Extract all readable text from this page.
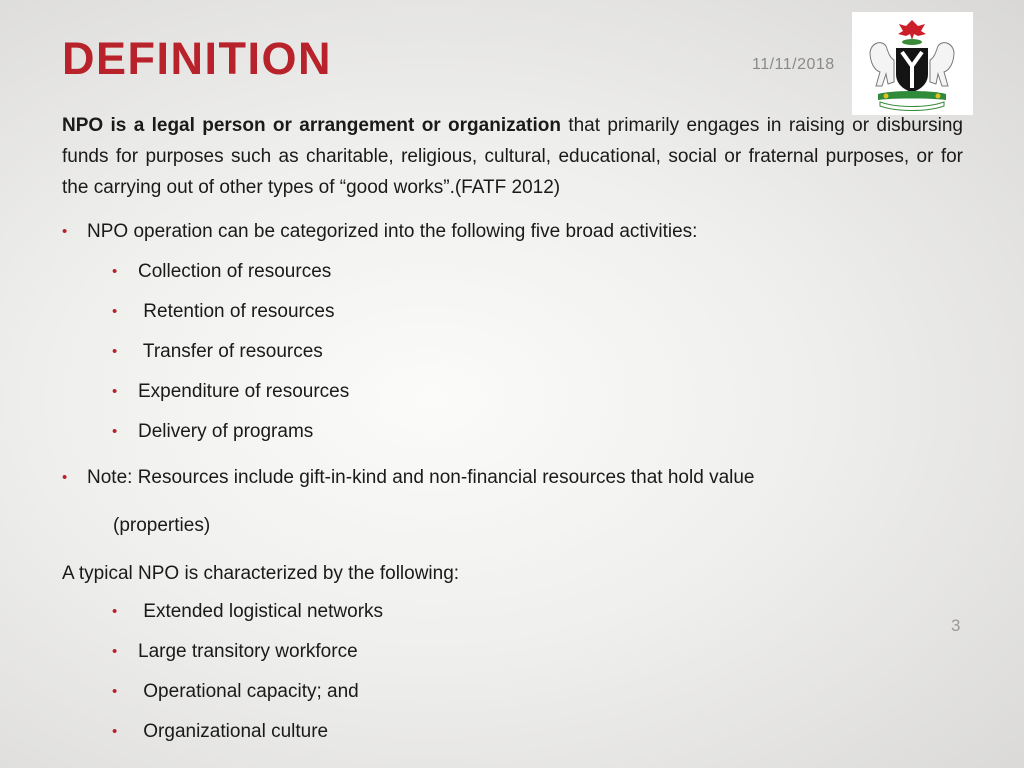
DEFINITION	11/11/2018
NPO is a legal person or arrangement or organization that primarily engages in raising or disbursing funds for purposes such as charitable, religious, cultural, educational, social or fraternal purposes, or for the carrying out of other types of “good works”.(FATF 2012)
• NPO operation can be categorized into the following five broad activities:
• Collection of resources
• Retention of resources
• Transfer of resources
• Expenditure of resources
• Delivery of programs
• Note: Resources include gift-in-kind and non-financial resources that hold value
(properties)
A typical NPO is characterized by the following:
• Extended logistical networks
• Large transitory workforce
• Operational capacity; and
• Organizational culture
3
